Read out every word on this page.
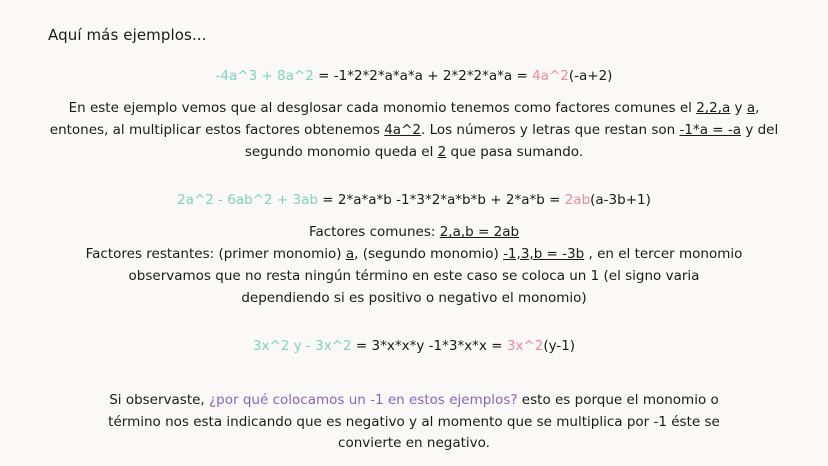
Aquí más ejemplos...
-4a^3 + 8a^2 = -1*2*2*a*a*a + 2*2*2*a*a = 4a^2(-a+2)
En este ejemplo vemos que al desglosar cada monomio tenemos como factores comunes el 2,2,a y a, entones, al multiplicar estos factores obtenemos 4a^2. Los números y letras que restan son -1*a = -a y del segundo monomio queda el 2 que pasa sumando.
2a^2 - 6ab^2 + 3ab = 2*a*a*b -1*3*2*a*b*b + 2*a*b = 2ab(a-3b+1)
Factores comunes: 2,a,b = 2ab
Factores restantes: (primer monomio) a, (segundo monomio) -1,3,b = -3b , en el tercer monomio
observamos que no resta ningún término en este caso se coloca un 1 (el signo varia
dependiendo si es positivo o negativo el monomio)
3x^2 y - 3x^2 = 3*x*x*y -1*3*x*x = 3x^2(y-1)
Si observaste, ¿por qué colocamos un -1 en estos ejemplos? esto es porque el monomio o
término nos esta indicando que es negativo y al momento que se multiplica por -1 éste se
convierte en negativo.
